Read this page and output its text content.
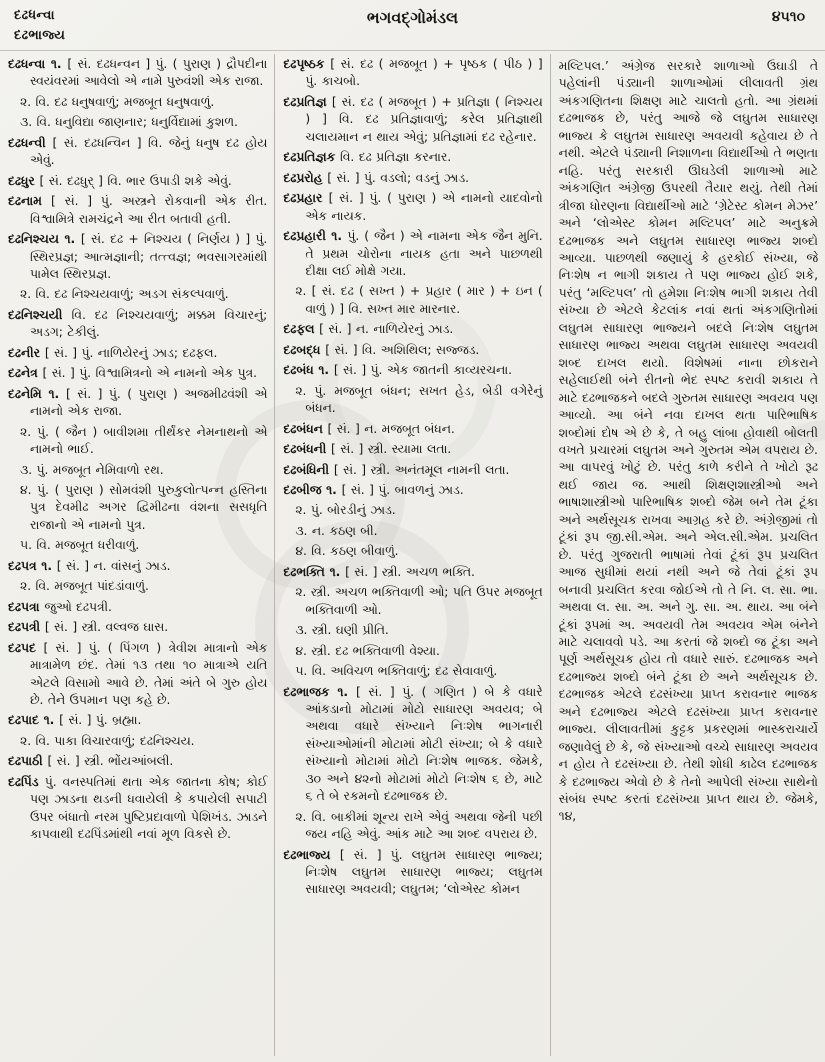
દઢધન્વા
દઢભાજ્ય
ભગવદ્ગોમંડલ	૪૫૧૦

દઢધન્વા ૧. [ સં. દઢધન્વન ] પું. ( પુરાણ ) દ્રૌપદીના સ્વયંવરમાં આવેલો એ નામે પુરુવંશી એક રાજા.

૨. વિ. દઢ ધનુષવાળું; મજબૂત ધનુષવાળું.

૩. વિ. ધનુવિદ્યા જાણનાર; ધનુર્વિદ્યામાં કુશળ.

દઢધન્વી [ સં. દઢધન્વિન ] વિ. જેનું ધનુષ દઢ હોય એવું.

દઢધુર [ સં. દઢધુર્ ] વિ. ભાર ઉપાડી શકે એવું.

દઢનામ [ સં. ] પું. અસ્ત્રને રોકવાની એક રીત. વિશ્વામિત્રે રામચંદ્રને આ રીત બતાવી હતી.

દઢનિશ્ચય ૧. [ સં. દઢ + નિશ્ચય ( નિર્ણય ) ] પું. સ્થિરપ્રજ્ઞ; આત્મજ્ઞાની; તત્ત્વજ્ઞ; ભવસાગરમાંથી પામેલ સ્થિરપ્રજ્ઞ.

૨. વિ. દઢ નિશ્ચયવાળું; અડગ સંકલ્પવાળું.

દઢનિશ્ચયી વિ. દઢ નિશ્ચયવાળું; મક્કમ વિચારનું; અડગ; ટેકીલું.

દઢનીર [ સં. ] પું. નાળિયેરનું ઝાડ; દઢફલ.

દઢનેત્ર [ સં. ] પું. વિશ્વામિત્રનો એ નામનો એક પુત્ર.

દઢનેમિ ૧. [ સં. ] પું. ( પુરાણ ) અજમીઢવંશી એ નામનો એક રાજા.

૨. પું. ( જૈન ) બાવીશમા તીર્થંકર નેમનાથનો એ નામનો ભાઈ.

૩. પું. મજબૂત નેમિવાળો રથ.

૪. પું. ( પુરાણ ) સોમવંશી પુરુકુલોત્પન્ન હસ્તિના પુત્ર દેવમીઢ અગર દ્વિમીઢના વંશના સસધૃતિ રાજાનો એ નામનો પુત્ર.

૫. વિ. મજબૂત ધરીવાળું.

દઢપત્ર ૧. [ સં. ] ન. વાંસનું ઝાડ.

૨. વિ. મજબૂત પાંદડાંવાળું.

દઢપત્રા જુઓ દઢપત્રી.

દઢપત્રી [ સં. ] સ્ત્રી. વલ્વજ ઘાસ.

દઢપદ [ સં. ] પું. ( પિંગળ ) ત્રેવીશ માત્રાનો એક માત્રામેળ છંદ. તેમાં ૧૩ તથા ૧૦ માત્રાએ યતિ એટલે વિસામો આવે છે. તેમાં અંતે બે ગુરુ હોય છે. તેને ઉપમાન પણ કહે છે.

દઢપાદ ૧. [ સં. ] પું. બ્રહ્મા.

૨. વિ. પાકા વિચારવાળું; દઢનિશ્ચય.

દઢપાઠી [ સં. ] સ્ત્રી. ભોંયઆંબલી.

દઢપિંડ પું. વનસ્પતિમાં થતા એક જાતના કોષ; કોઈ પણ ઝાડના થડની ધવાયેલી કે કપાયેલી સપાટી ઉપર બંધાતો નરમ પુષ્ટિપ્રદાવાળો પેશિખંડ. ઝાડને કાપવાથી દઢપિંડમાંથી નવાં મૂળ વિકસે છે.

દઢપૃષ્ઠક [ સં. દઢ ( મજબૂત ) + પૃષ્ઠક ( પીઠ ) ] પું. કાચબો.

દઢપ્રતિજ્ઞ [ સં. દઢ ( મજબૂત ) + પ્રતિજ્ઞા ( નિશ્ચય ) ] વિ. દઢ પ્રતિજ્ઞાવાળું; કરેલ પ્રતિજ્ઞાથી ચલાયમાન ન થાય એવું; પ્રતિજ્ઞામાં દઢ રહેનાર.

દઢપ્રતિજ્ઞક વિ. દઢ પ્રતિજ્ઞા કરનાર.

દઢપ્રરોહ [ સં. ] પું. વડલો; વડનું ઝાડ.

દઢપ્રહાર [ સં. ] પું. ( પુરાણ ) એ નામનો યાદવોનો એક નાયક.

દઢપ્રહારી ૧. પું. ( જૈન ) એ નામના એક જૈન મુનિ. તે પ્રથમ ચોરોના નાયક હતા અને પાછળથી દીક્ષા લઈ મોક્ષે ગયા.

૨. [ સં. દઢ ( સખ્ત ) + પ્રહાર ( માર ) + ઇન ( વાળું ) ] વિ. સખ્ત માર મારનાર.

દઢફલ [ સં. ] ન. નાળિયેરનું ઝાડ.

દઢબદ્ધ [ સં. ] વિ. અશિથિલ; સજ્જડ.

દઢબંધ ૧. [ સં. ] પું. એક જાતની કાવ્યરચના.

૨. પું. મજબૂત બંધન; સખત હેડ, બેડી વગેરેનું બંધન.

દઢબંધન [ સં. ] ન. મજબૂત બંધન.

દઢબંધની [ સં. ] સ્ત્રી. સ્યામા લતા.

દઢબંધિની [ સં. ] સ્ત્રી. અનંતમૂલ નામની લતા.

દઢબીજ ૧. [ સં. ] પું. બાવળનું ઝાડ.

૨. પું. બોરડીનું ઝાડ.

૩. ન. કઠણ બી.

૪. વિ. કઠણ બીવાળું.

દઢભક્તિ ૧. [ સં. ] સ્ત્રી. અચળ ભક્તિ.

૨. સ્ત્રી. અચળ ભક્તિવાળી ઓ; પતિ ઉપર મજબૂત ભક્તિવાળી ઓ.

૩. સ્ત્રી. ઘણી પ્રીતિ.

૪. સ્ત્રી. દઢ ભક્તિવાળી વેશ્યા.

૫. વિ. અવિચળ ભક્તિવાળું; દઢ સેવાવાળું.

દઢભાજક ૧. [ સં. ] પું. ( ગણિત ) બે કે વધારે આંકડાનો મોટામાં મોટો સાધારણ અવયવ; બે અથવા વધારે સંખ્યાને નિઃશેષ ભાગનારી સંખ્યાઓમાંની મોટામાં મોટી સંખ્યા; બે કે વધારે સંખ્યાનો મોટામાં મોટો નિઃશેષ ભાજક. જેમકે, ૩૦ અને ૪૨નો મોટામાં મોટો નિઃશેષ ૬ છે, માટે ૬ તે બે રકમનો દઢભાજક છે.

૨. વિ. બાકીમાં શૂન્ય રાખે એવું અથવા જેની પછી જય નહિ એવું. આંક માટે આ શબ્દ વપરાય છે.

દઢભાજ્ય [ સં. ] પું. લઘુતમ સાધારણ ભાજ્ય; નિઃશેષ લઘુતમ સાધારણ ભાજ્ય; લઘુતમ સાધારણ અવયવી; લઘુતમ; ‘લોએસ્ટ કોમન

મલ્ટિપલ.’ અંગ્રેજ સરકારે શાળાઓ ઉઘાડી તે પહેલાંની પંડ્યાની શાળાઓમાં લીલાવતી ગ્રંથ અંકગણિતના શિક્ષણ માટે ચાલતો હતો. આ ગ્રંથમાં દઢભાજક છે, પરંતુ આજે જે લઘુતમ સાધારણ ભાજ્ય કે લઘુતમ સાધારણ અવયવી કહેવાય છે તે નથી. એટલે પંડ્યાની નિશાળના વિદ્યાર્થીઓ તે ભણતા નહિ. પરંતુ સરકારી ઊઘડેલી શાળાઓ માટે અંકગણિત અંગ્રેજી ઉપરથી તૈયાર થયું. તેથી તેમાં ત્રીજા ધોરણના વિદ્યાર્થીઓ માટે ‘ગ્રેટેસ્ટ કોમન મેઝર’ અને ‘લોએસ્ટ કોમન મલ્ટિપલ’ માટે અનુક્રમે દઢભાજક અને લઘુતમ સાધારણ ભાજ્ય શબ્દો આવ્યા. પાછળથી જણાયું કે હરકોઈ સંખ્યા, જે નિઃશેષ ન ભાગી શકાય તે પણ ભાજ્ય હોઈ શકે, પરંતુ ‘મલ્ટિપલ’ તો હમેશા નિઃશેષ ભાગી શકાય તેવી સંખ્યા છે એટલે કેટલાંક નવાં થતાં અંકગણિતોમાં લઘુતમ સાધારણ ભાજ્યને બદલે નિઃશેષ લઘુતમ સાધારણ ભાજ્ય અથવા લઘુતમ સાધારણ અવયવી શબ્દ દાખલ થયો. વિશેષમાં નાના છોકરાને સહેલાઈથી બંને રીતનો ભેદ સ્પષ્ટ કરાવી શકાય તે માટે દઢભાજકને બદલે ગુરુતમ સાધારણ અવયવ પણ આવ્યો. આ બંને નવા દાખલ થતા પારિભાષિક શબ્દોમાં દોષ એ છે કે, તે બહુ લાંબા હોવાથી બોલતી વખતે પ્રચારમાં લઘુતમ અને ગુરુતમ એમ વપરાય છે. આ વાપરવું ખોટું છે. પરંતુ કાળે કરીને તે ખોટો રૂઢ થઈ જાય જ. આથી શિક્ષણશાસ્ત્રીઓ અને ભાષાશાસ્ત્રીઓ પારિભાષિક શબ્દો જેમ બને તેમ ટૂંકા અને અર્થસૂચક રાખવા આગ્રહ કરે છે. અંગ્રેજીમાં તો ટૂંકાં રૂપ જી.સી.એમ. અને એલ.સી.એમ. પ્રચલિત છે. પરંતુ ગુજરાતી ભાષામાં તેવાં ટૂંકાં રૂપ પ્રચલિત આજ સુધીમાં થયાં નથી અને જે તેવાં ટૂંકાં રૂપ બનાવી પ્રચલિત કરવા જોઈએ તો તે નિ. લ. સા. ભા. અથવા લ. સા. અ. અને ગુ. સા. અ. થાય. આ બંને ટૂંકાં રૂપમાં અ. અવયવી તેમ અવયવ એમ બંનેને માટે ચલાવવો પડે. આ કરતાં જે શબ્દો જ ટૂંકા અને પૂર્ણ અર્થસૂચક હોય તો વધારે સારું. દઢભાજક અને દઢભાજ્ય શબ્દો બંને ટૂંકા છે અને અર્થસૂચક છે. દઢભાજક એટલે દઢસંખ્યા પ્રાપ્ત કરાવનાર ભાજક અને દઢભાજ્ય એટલે દઢસંખ્યા પ્રાપ્ત કરાવનાર ભાજ્ય. લીલાવતીમાં કુટ્ટક પ્રકરણમાં ભાસ્કરાચાર્યે જણાવેલું છે કે, જે સંખ્યાઓ વચ્ચે સાધારણ અવયવ ન હોય તે દઢસંખ્યા છે. તેથી શોધી કાઢેલ દઢભાજક કે દઢભાજ્ય એવો છે કે તેનો આપેલી સંખ્યા સાથેનો સંબંધ સ્પષ્ટ કરતાં દઢસંખ્યા પ્રાપ્ત થાય છે. જેમકે, ૧૪,
